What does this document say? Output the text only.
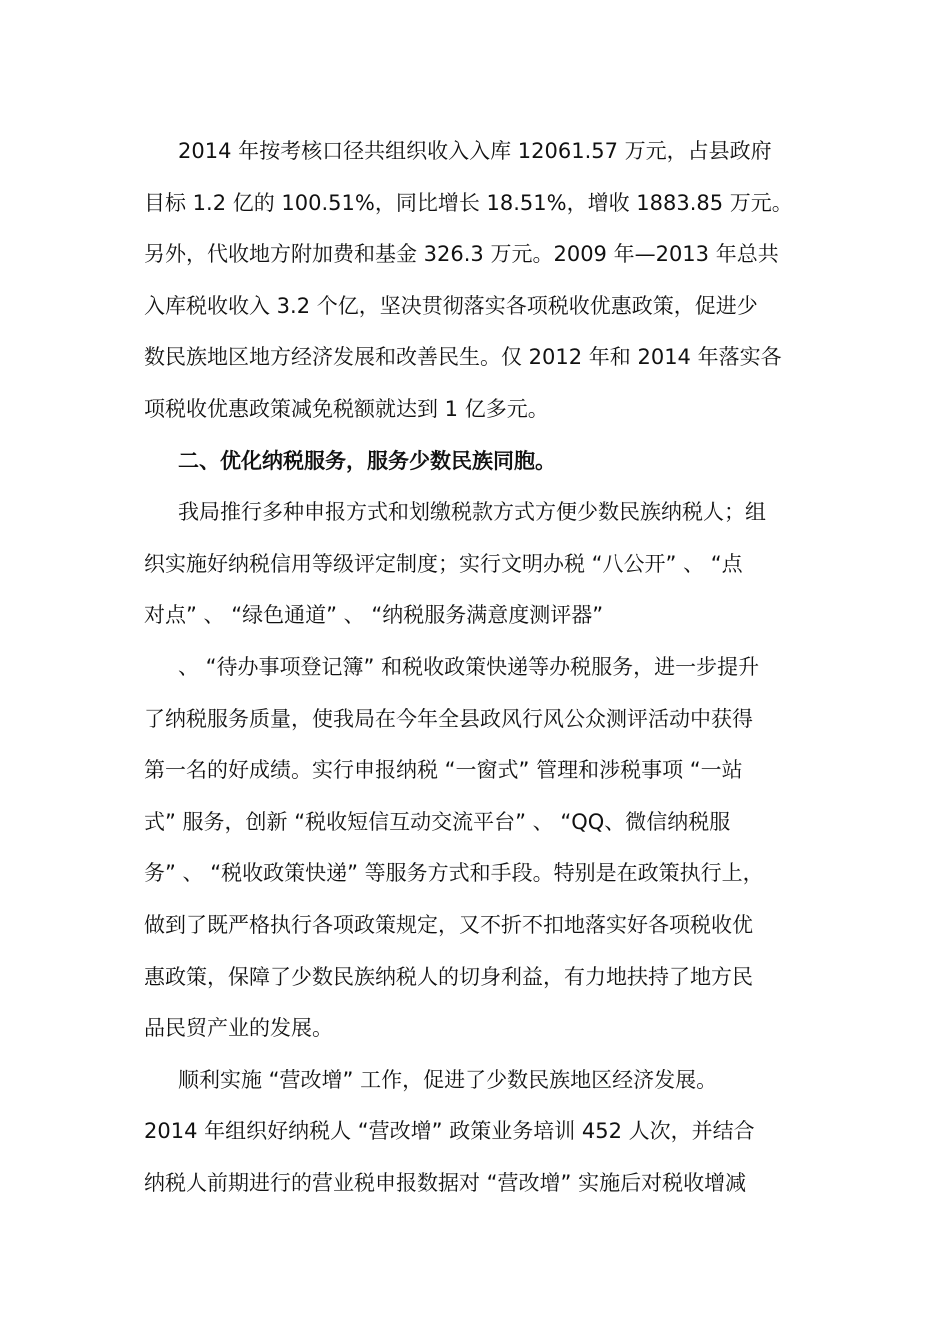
2014 年按考核口径共组织收入入库 12061.57 万元，占县政府
目标 1.2 亿的 100.51%，同比增长 18.51%，增收 1883.85 万元。
另外，代收地方附加费和基金 326.3 万元。2009 年—2013 年总共
入库税收收入 3.2 个亿，坚决贯彻落实各项税收优惠政策，促进少
数民族地区地方经济发展和改善民生。仅 2012 年和 2014 年落实各
项税收优惠政策减免税额就达到 1 亿多元。
二、优化纳税服务，服务少数民族同胞。
我局推行多种申报方式和划缴税款方式方便少数民族纳税人；组
织实施好纳税信用等级评定制度；实行文明办税 “八公开” 、 “点
对点” 、 “绿色通道” 、 “纳税服务满意度测评器”
、 “待办事项登记簿” 和税收政策快递等办税服务，进一步提升
了纳税服务质量，使我局在今年全县政风行风公众测评活动中获得
第一名的好成绩。实行申报纳税 “一窗式” 管理和涉税事项 “一站
式” 服务，创新 “税收短信互动交流平台” 、 “QQ、微信纳税服
务” 、 “税收政策快递” 等服务方式和手段。特别是在政策执行上，
做到了既严格执行各项政策规定，又不折不扣地落实好各项税收优
惠政策，保障了少数民族纳税人的切身利益，有力地扶持了地方民
品民贸产业的发展。
顺利实施 “营改增” 工作，促进了少数民族地区经济发展。
2014 年组织好纳税人 “营改增” 政策业务培训 452 人次，并结合
纳税人前期进行的营业税申报数据对 “营改增” 实施后对税收增减
